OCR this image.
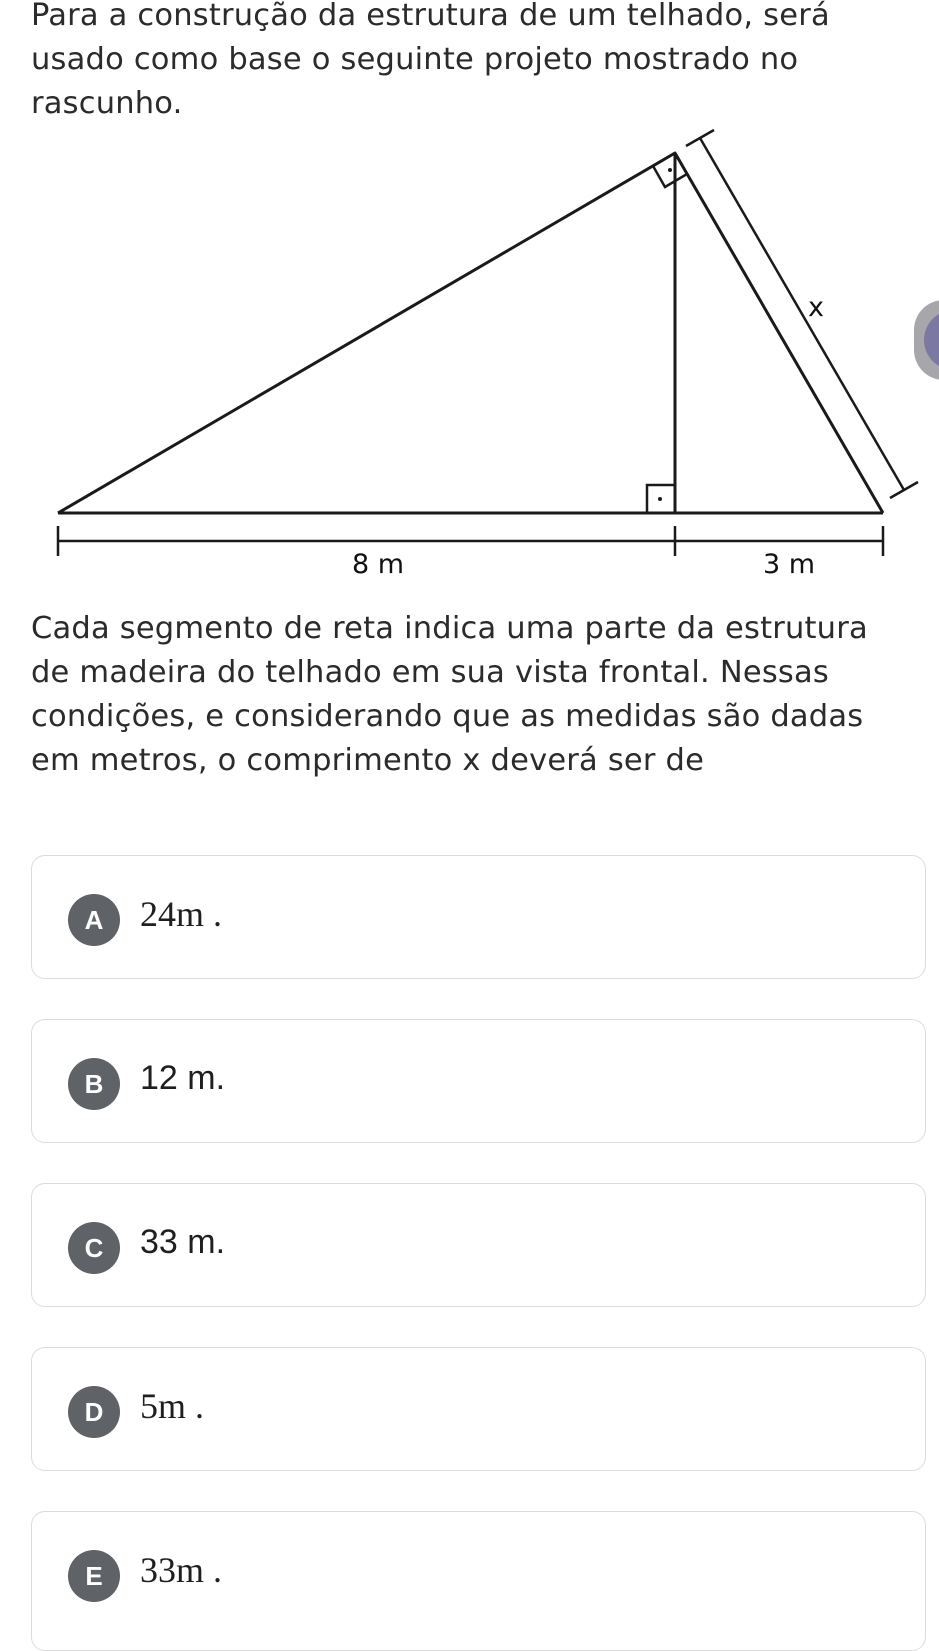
Para a construção da estrutura de um telhado, será usado como base o seguinte projeto mostrado no rascunho.

x
8 m	3 m

Cada segmento de reta indica uma parte da estrutura de madeira do telhado em sua vista frontal. Nessas condições, e considerando que as medidas são dadas em metros, o comprimento x deverá ser de

A	24m .
B	12 m.
C	33 m.
D	5m .
E	33m .
